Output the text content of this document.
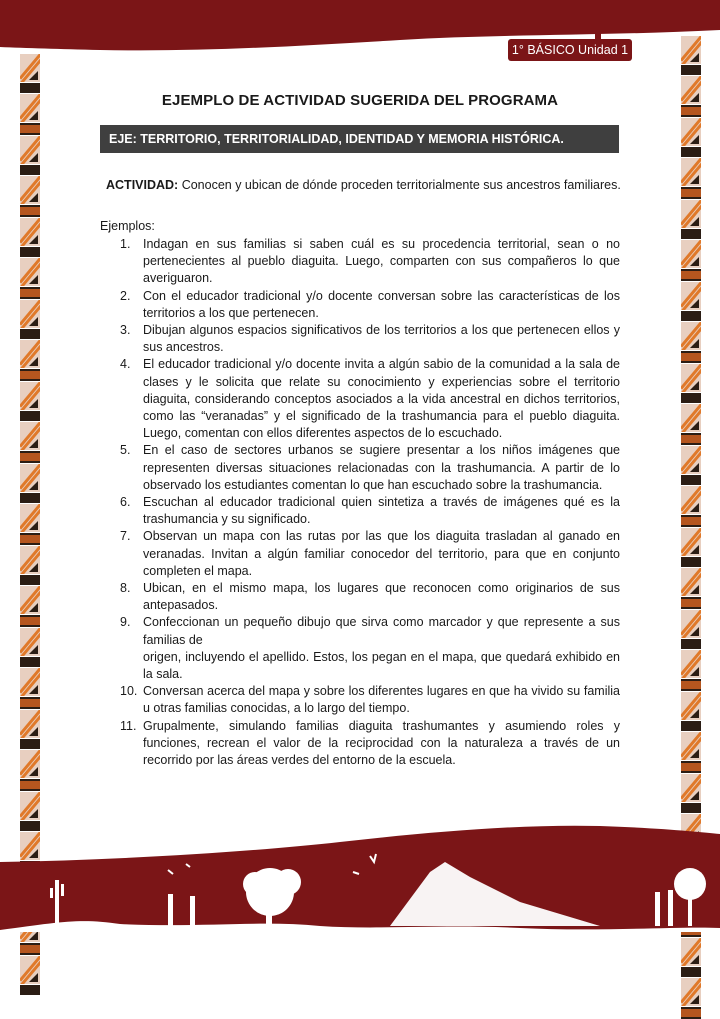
1° BÁSICO Unidad 1
EJEMPLO DE ACTIVIDAD SUGERIDA DEL PROGRAMA
EJE: TERRITORIO, TERRITORIALIDAD, IDENTIDAD Y MEMORIA HISTÓRICA.
ACTIVIDAD: Conocen y ubican de dónde proceden territorialmente sus ancestros familiares.
Ejemplos:
1. Indagan en sus familias si saben cuál es su procedencia territorial, sean o no pertenecientes al pueblo diaguita. Luego, comparten con sus compañeros lo que averiguaron.
2. Con el educador tradicional y/o docente conversan sobre las características de los territorios a los que pertenecen.
3. Dibujan algunos espacios significativos de los territorios a los que pertenecen ellos y sus ancestros.
4. El educador tradicional y/o docente invita a algún sabio de la comunidad a la sala de clases y le solicita que relate su conocimiento y experiencias sobre el territorio diaguita, considerando conceptos asociados a la vida ancestral en dichos territorios, como las “veranadas” y el significado de la trashumancia para el pueblo diaguita. Luego, comentan con ellos diferentes aspectos de lo escuchado.
5. En el caso de sectores urbanos se sugiere presentar a los niños imágenes que representen diversas situaciones relacionadas con la trashumancia. A partir de lo observado los estudiantes comentan lo que han escuchado sobre la trashumancia.
6. Escuchan al educador tradicional quien sintetiza a través de imágenes qué es la trashumancia y su significado.
7. Observan un mapa con las rutas por las que los diaguita trasladan al ganado en veranadas. Invitan a algún familiar conocedor del territorio, para que en conjunto completen el mapa.
8. Ubican, en el mismo mapa, los lugares que reconocen como originarios de sus antepasados.
9. Confeccionan un pequeño dibujo que sirva como marcador y que represente a sus familias de
origen, incluyendo el apellido. Estos, los pegan en el mapa, que quedará exhibido en la sala.
10. Conversan acerca del mapa y sobre los diferentes lugares en que ha vivido su familia u otras familias conocidas, a lo largo del tiempo.
11. Grupalmente, simulando familias diaguita trashumantes y asumiendo roles y funciones, recrean el valor de la reciprocidad con la naturaleza a través de un recorrido por las áreas verdes del entorno de la escuela.
